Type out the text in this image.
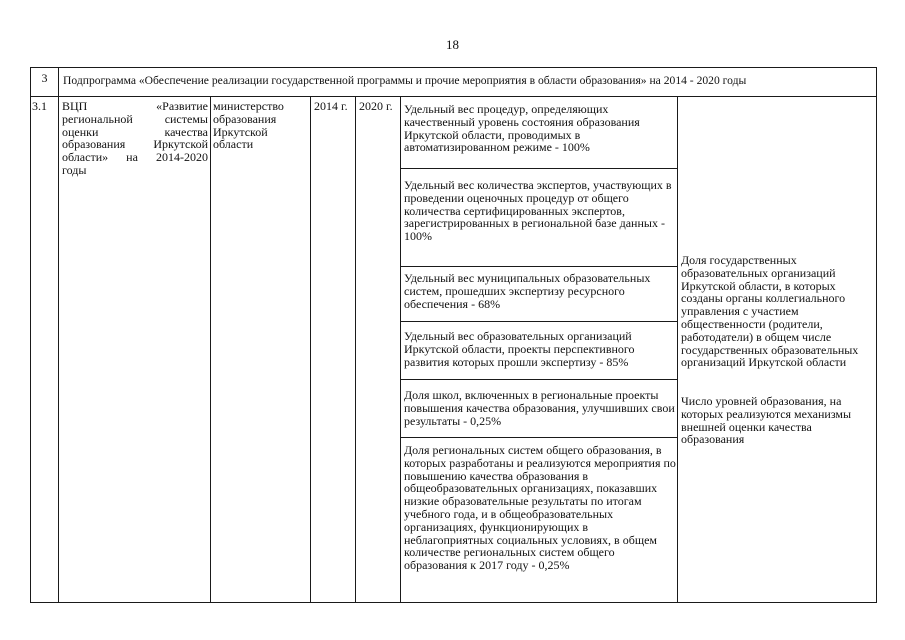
18
3	Подпрограмма «Обеспечение реализации государственной программы и прочие мероприятия в области образования» на 2014 - 2020 годы
3.1	ВЦП «Развитие
региональной системы
оценки качества
образования Иркутской
области» на 2014-2020
годы
министерство образования Иркутской области
2014 г. 2020 г. Удельный вес процедур, определяющих качественный уровень состояния образования Иркутской области, проводимых в автоматизированном режиме - 100%
Удельный вес количества экспертов, участвующих в проведении оценочных процедур от общего количества сертифицированных экспертов, зарегистрированных в региональной базе данных - 100%
Удельный вес муниципальных образовательных систем, прошедших экспертизу ресурсного обеспечения - 68%
Удельный вес образовательных организаций Иркутской области, проекты перспективного развития которых прошли экспертизу - 85%
Доля школ, включенных в региональные проекты повышения качества образования, улучшивших свои результаты - 0,25%
Доля региональных систем общего образования, в которых разработаны и реализуются мероприятия по повышению качества образования в общеобразовательных организациях, показавших низкие образовательные результаты по итогам учебного года, и в общеобразовательных организациях, функционирующих в неблагоприятных социальных условиях, в общем количестве региональных систем общего образования к 2017 году - 0,25%
Доля государственных образовательных организаций Иркутской области, в которых созданы органы коллегиального управления с участием общественности (родители, работодатели) в общем числе государственных образовательных организаций Иркутской области
Число уровней образования, на которых реализуются механизмы внешней оценки качества образования
